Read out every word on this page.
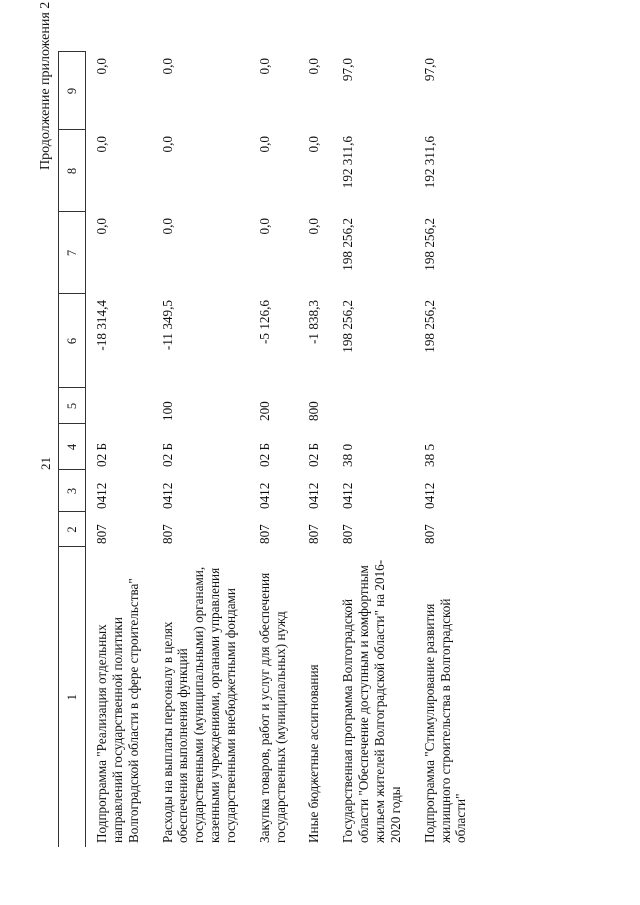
21
Продолжение приложения 2
1	2	3	4	5	6	7	8	9
Подпрограмма "Реализация отдельных направлений государственной политики Волгоградской области в сфере строительства"	807	0412	02 Б		-18 314,4	0,0	0,0	0,0
Расходы на выплаты персоналу в целях обеспечения выполнения функций государственными (муниципальными) органами, казенными учреждениями, органами управления государственными внебюджетными фондами	807	0412	02 Б	100	-11 349,5	0,0	0,0	0,0
Закупка товаров, работ и услуг для обеспечения государственных (муниципальных) нужд	807	0412	02 Б	200	-5 126,6	0,0	0,0	0,0
Иные бюджетные ассигнования	807	0412	02 Б	800	-1 838,3	0,0	0,0	0,0
Государственная программа Волгоградской области "Обеспечение доступным и комфортным жильем жителей Волгоградской области" на 2016-2020 годы	807	0412	38 0		198 256,2	198 256,2	192 311,6	97,0
Подпрограмма "Стимулирование развития жилищного строительства в Волгоградской области"	807	0412	38 5		198 256,2	198 256,2	192 311,6	97,0
